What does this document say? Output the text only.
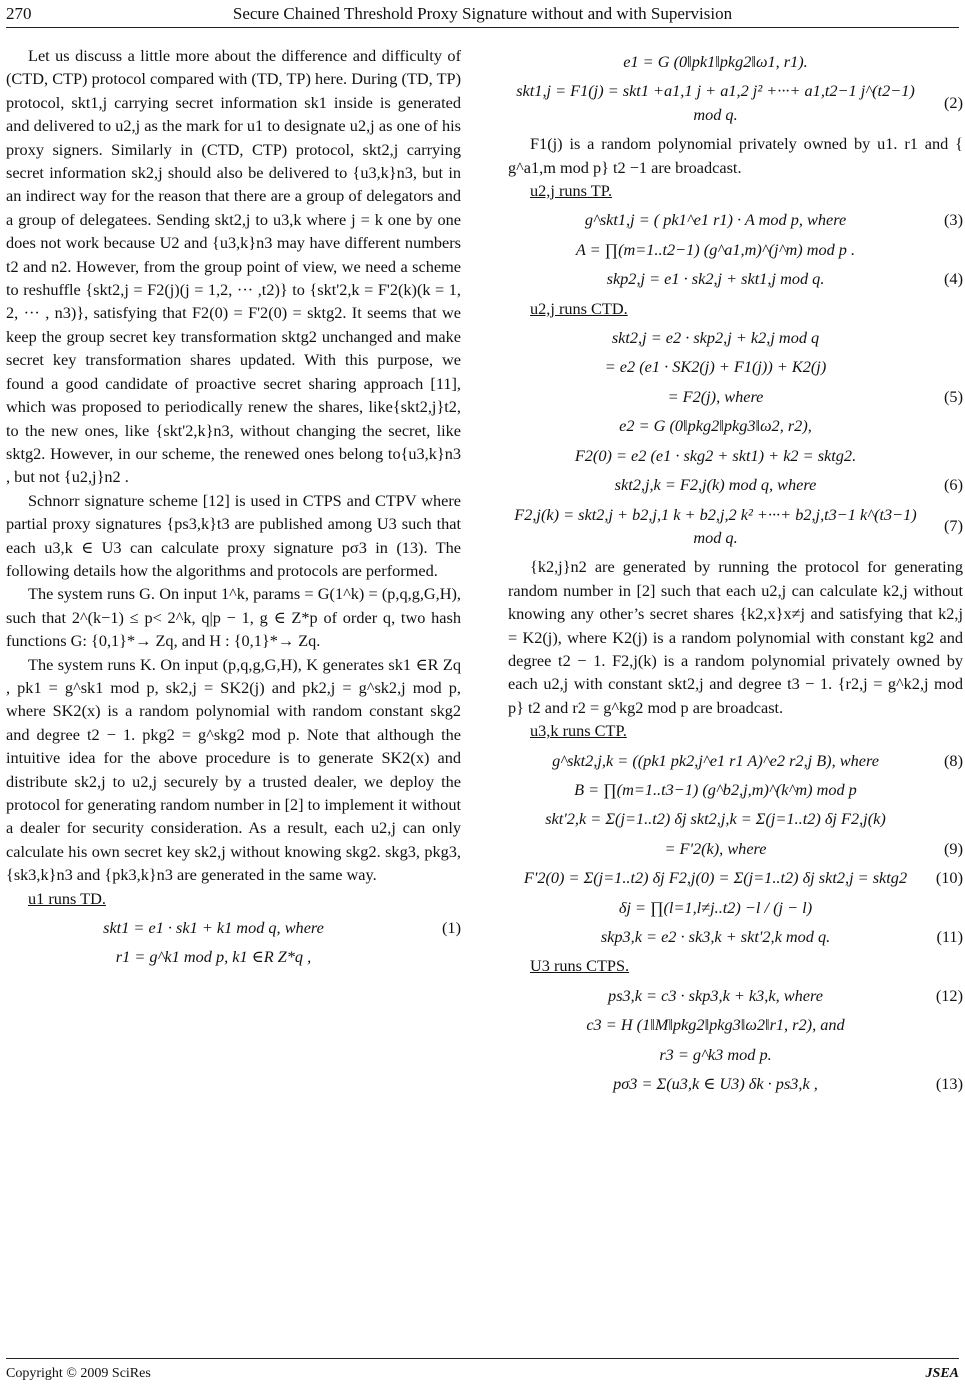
270	Secure Chained Threshold Proxy Signature without and with Supervision

Let us discuss a little more about the difference and difficulty of (CTD, CTP) protocol compared with (TD, TP) here. During (TD, TP) protocol, skt1,j carrying secret information sk1 inside is generated and delivered to u2,j as the mark for u1 to designate u2,j as one of his proxy signers. Similarly in (CTD, CTP) protocol, skt2,j carrying secret information sk2,j should also be delivered to {u3,k}n3, but in an indirect way for the reason that there are a group of delegators and a group of delegatees. Sending skt2,j to u3,k where j = k one by one does not work because U2 and {u3,k}n3 may have different numbers t2 and n2. However, from the group point of view, we need a scheme to reshuffle {skt2,j = F2(j)(j = 1,2, ··· ,t2)} to {skt'2,k = F'2(k)(k = 1, 2, ··· , n3)}, satisfying that F2(0) = F'2(0) = sktg2. It seems that we keep the group secret key transformation sktg2 unchanged and make secret key transformation shares updated. With this purpose, we found a good candidate of proactive secret sharing approach [11], which was proposed to periodically renew the shares, like{skt2,j}t2, to the new ones, like {skt'2,k}n3, without changing the secret, like sktg2. However, in our scheme, the renewed ones belong to{u3,k}n3 , but not {u2,j}n2 .

Schnorr signature scheme [12] is used in CTPS and CTPV where partial proxy signatures {ps3,k}t3 are published among U3 such that each u3,k ∈ U3 can calculate proxy signature pσ3 in (13). The following details how the algorithms and protocols are performed.

The system runs G. On input 1^k, params = G(1^k) = (p,q,g,G,H), such that 2^(k−1) ≤ p< 2^k, q|p − 1, g ∈ Z*p of order q, two hash functions G: {0,1}*→ Zq, and H : {0,1}*→ Zq.

The system runs K. On input (p,q,g,G,H), K generates sk1 ∈R Zq , pk1 = g^sk1 mod p, sk2,j = SK2(j) and pk2,j = g^sk2,j mod p, where SK2(x) is a random polynomial with random constant skg2 and degree t2 − 1. pkg2 = g^skg2 mod p. Note that although the intuitive idea for the above procedure is to generate SK2(x) and distribute sk2,j to u2,j securely by a trusted dealer, we deploy the protocol for generating random number in [2] to implement it without a dealer for security consideration. As a result, each u2,j can only calculate his own secret key sk2,j without knowing skg2. skg3, pkg3, {sk3,k}n3 and {pk3,k}n3 are generated in the same way.

u1 runs TD.

skt1 = e1 · sk1 + k1 mod q, where	(1)
r1 = g^k1 mod p, k1 ∈R Z*q ,
e1 = G (0‖pk1‖pkg2‖ω1, r1).
skt1,j = F1(j) = skt1 +a1,1 j + a1,2 j² +···+ a1,t2−1 j^(t2−1) mod q.
(2)

F1(j) is a random polynomial privately owned by u1. r1 and { g^a1,m mod p} t2 −1 are broadcast.

u2,j runs TP.

g^skt1,j = ( pk1^e1 r1) · A mod p, where	(3)
A = ∏(m=1..t2−1) (g^a1,m)^(j^m) mod p .
skp2,j = e1 · sk2,j + skt1,j mod q.	(4)

u2,j runs CTD.

skt2,j = e2 · skp2,j + k2,j mod q
= e2 (e1 · SK2(j) + F1(j)) + K2(j)
= F2(j), where	(5)
e2 = G (0‖pkg2‖pkg3‖ω2, r2),
F2(0) = e2 (e1 · skg2 + skt1) + k2 = sktg2.
skt2,j,k = F2,j(k) mod q, where	(6)
F2,j(k) = skt2,j + b2,j,1 k + b2,j,2 k² +···+ b2,j,t3−1 k^(t3−1) mod q.
(7)

{k2,j}n2 are generated by running the protocol for generating random number in [2] such that each u2,j can calculate k2,j without knowing any other’s secret shares {k2,x}x≠j and satisfying that k2,j = K2(j), where K2(j) is a random polynomial with constant kg2 and degree t2 − 1. F2,j(k) is a random polynomial privately owned by each u2,j with constant skt2,j and degree t3 − 1. {r2,j = g^k2,j mod p} t2 and r2 = g^kg2 mod p are broadcast.

u3,k runs CTP.

g^skt2,j,k = ((pk1 pk2,j^e1 r1 A)^e2 r2,j B), where	(8)
B = ∏(m=1..t3−1) (g^b2,j,m)^(k^m) mod p
skt'2,k = Σ(j=1..t2) δj skt2,j,k = Σ(j=1..t2) δj F2,j(k)
= F'2(k), where	(9)
F'2(0) = Σ(j=1..t2) δj F2,j(0) = Σ(j=1..t2) δj skt2,j = sktg2	(10)
δj = ∏(l=1,l≠j..t2) −l / (j − l)
skp3,k = e2 · sk3,k + skt'2,k mod q.	(11)

U3 runs CTPS.

ps3,k = c3 · skp3,k + k3,k, where	(12)
c3 = H (1‖M‖pkg2‖pkg3‖ω2‖r1, r2), and
r3 = g^k3 mod p.
pσ3 = Σ(u3,k ∈ U3) δk · ps3,k ,	(13)
Copyright © 2009 SciRes	JSEA
